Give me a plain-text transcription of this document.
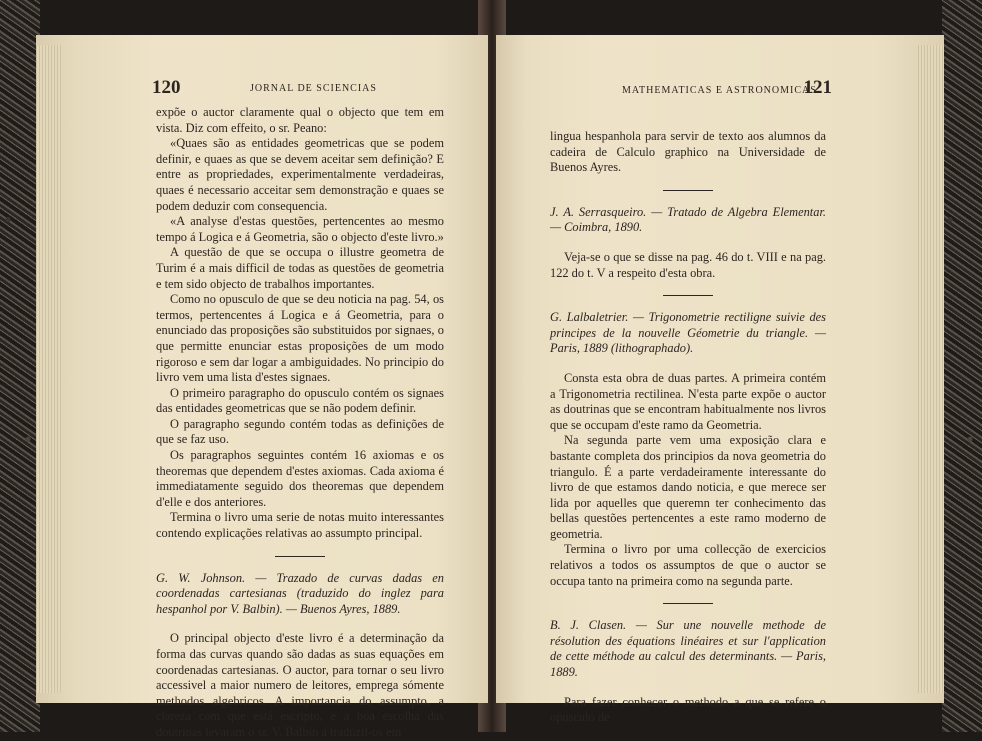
120	JORNAL DE SCIENCIAS

expõe o auctor claramente qual o objecto que tem em vista. Diz com effeito, o sr. Peano:

«Quaes são as entidades geometricas que se podem definir, e quaes as que se devem aceitar sem definição? E entre as propriedades, experimentalmente verdadeiras, quaes é necessario acceitar sem demonstração e quaes se podem deduzir com consequencia.

«A analyse d'estas questões, pertencentes ao mesmo tempo á Logica e á Geometria, são o objecto d'este livro.»

A questão de que se occupa o illustre geometra de Turim é a mais difficil de todas as questões de geometria e tem sido objecto de trabalhos importantes.

Como no opusculo de que se deu noticia na pag. 54, os termos, pertencentes á Logica e á Geometria, para o enunciado das proposições são substituidos por signaes, o que permitte enunciar estas proposições de um modo rigoroso e sem dar logar a ambiguidades. No principio do livro vem uma lista d'estes signaes.

O primeiro paragrapho do opusculo contém os signaes das entidades geometricas que se não podem definir.

O paragrapho segundo contém todas as definições de que se faz uso.

Os paragraphos seguintes contém 16 axiomas e os theoremas que dependem d'estes axiomas. Cada axioma é immediatamente seguido dos theoremas que dependem d'elle e dos anteriores.

Termina o livro uma serie de notas muito interessantes contendo explicações relativas ao assumpto principal.

G. W. Johnson. — Trazado de curvas dadas en coordenadas cartesianas (traduzido do inglez para hespanhol por V. Balbin). — Buenos Ayres, 1889.

O principal objecto d'este livro é a determinação da forma das curvas quando são dadas as suas equações em coordenadas cartesianas. O auctor, para tornar o seu livro accessivel a maior numero de leitores, emprega sómente methodos algebricos. A importancia do assumpto, a clareza com que está escripto, e a boa escolha das doutrinas levaram o sr. V. Balbin a traduzil-os em

MATHEMATICAS E ASTRONOMICAS
121

lingua hespanhola para servir de texto aos alumnos da cadeira de Calculo graphico na Universidade de Buenos Ayres.

J. A. Serrasqueiro. — Tratado de Algebra Elementar. — Coimbra, 1890.

Veja-se o que se disse na pag. 46 do t. VIII e na pag. 122 do t. V a respeito d'esta obra.

G. Lalbaletrier. — Trigonometrie rectiligne suivie des principes de la nouvelle Géometrie du triangle. — Paris, 1889 (lithographado).

Consta esta obra de duas partes. A primeira contém a Trigonometria rectilinea. N'esta parte expõe o auctor as doutrinas que se encontram habitualmente nos livros que se occupam d'este ramo da Geometria.

Na segunda parte vem uma exposição clara e bastante completa dos principios da nova geometria do triangulo. É a parte verdadeiramente interessante do livro de que estamos dando noticia, e que merece ser lida por aquelles que queremn ter conhecimento das bellas questões pertencentes a este ramo moderno de geometria.

Termina o livro por uma collecção de exercicios relativos a todos os assumptos de que o auctor se occupa tanto na primeira como na segunda parte.

B. J. Clasen. — Sur une nouvelle methode de résolution des équations linéaires et sur l'application de cette méthode au calcul des determinants. — Paris, 1889.

Para fazer conhecer o methodo a que se refere o opusculo de
